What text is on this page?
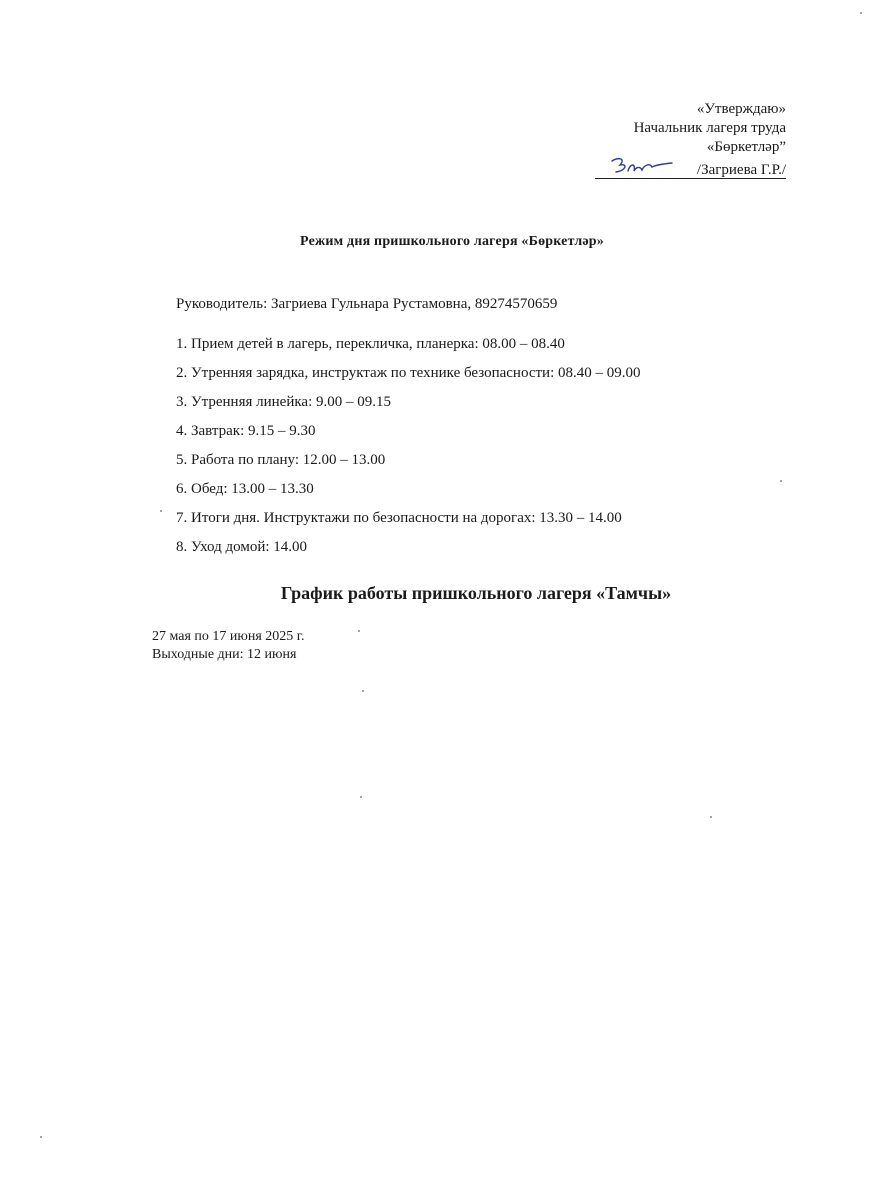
«Утверждаю»
Начальник лагеря труда
«Бөркетләр”
/Загриева Г.Р./
Режим дня пришкольного лагеря «Бөркетләр»
Руководитель: Загриева Гульнара Рустамовна, 89274570659
1. Прием детей в лагерь, перекличка, планерка: 08.00 – 08.40
2. Утренняя зарядка, инструктаж по технике безопасности: 08.40 – 09.00
3. Утренняя линейка: 9.00 – 09.15
4. Завтрак: 9.15 – 9.30
5. Работа по плану: 12.00 – 13.00
6. Обед: 13.00 – 13.30
7. Итоги дня. Инструктажи по безопасности на дорогах: 13.30 – 14.00
8. Уход домой: 14.00
График работы пришкольного лагеря «Тамчы»
27 мая по 17 июня 2025 г.
Выходные дни: 12 июня
